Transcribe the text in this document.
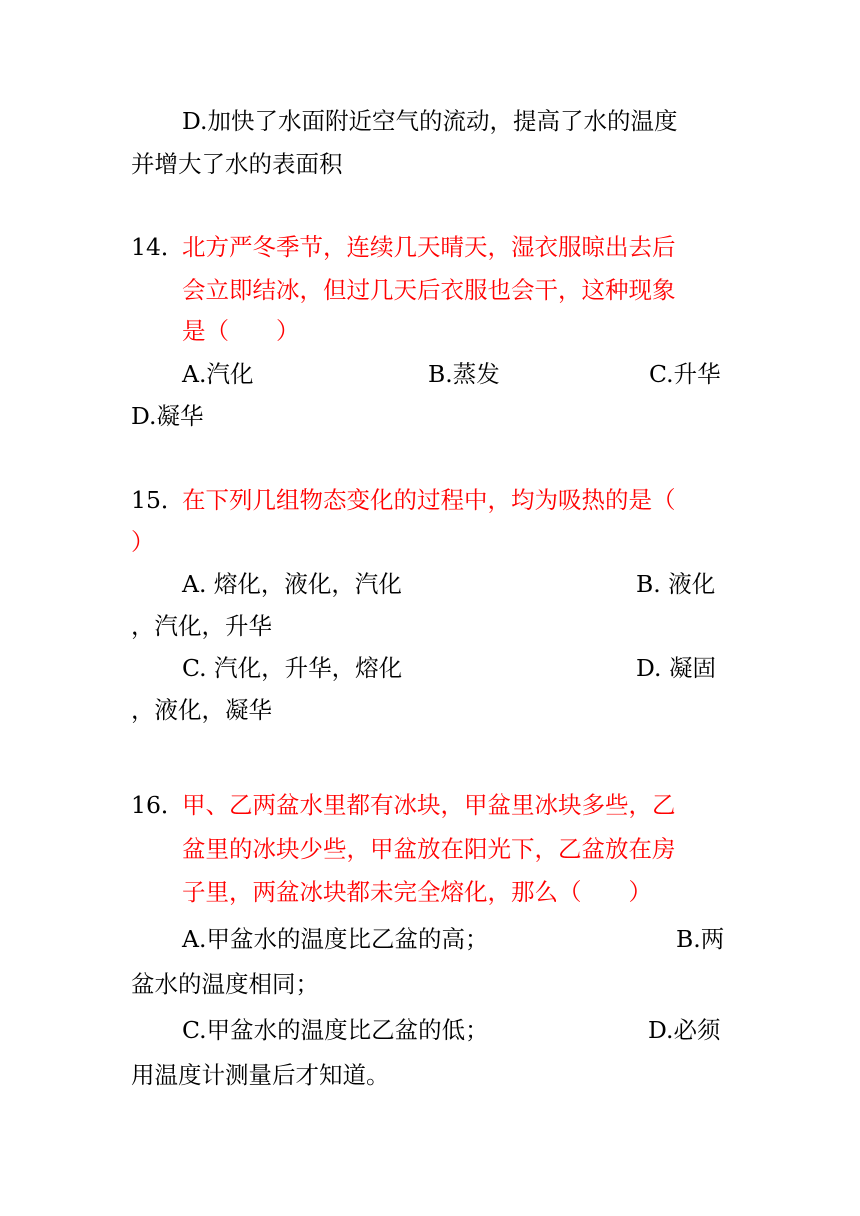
D.加快了水面附近空气的流动，提高了水的温度
并增大了水的表面积
14．
北方严冬季节，连续几天晴天，湿衣服晾出去后
会立即结冰，但过几天后衣服也会干，这种现象
是（　　）
A.汽化	B.蒸发	C.升华
D.凝华
15．
在下列几组物态变化的过程中，均为吸热的是（
）
A. 熔化，液化，汽化	B. 液化
，汽化，升华
C. 汽化，升华，熔化	D. 凝固
，液化，凝华
16．
甲、乙两盆水里都有冰块，甲盆里冰块多些，乙
盆里的冰块少些，甲盆放在阳光下，乙盆放在房
子里，两盆冰块都未完全熔化，那么（　　）
A.甲盆水的温度比乙盆的高；	B.两
盆水的温度相同；
C.甲盆水的温度比乙盆的低；	D.必须
用温度计测量后才知道。
